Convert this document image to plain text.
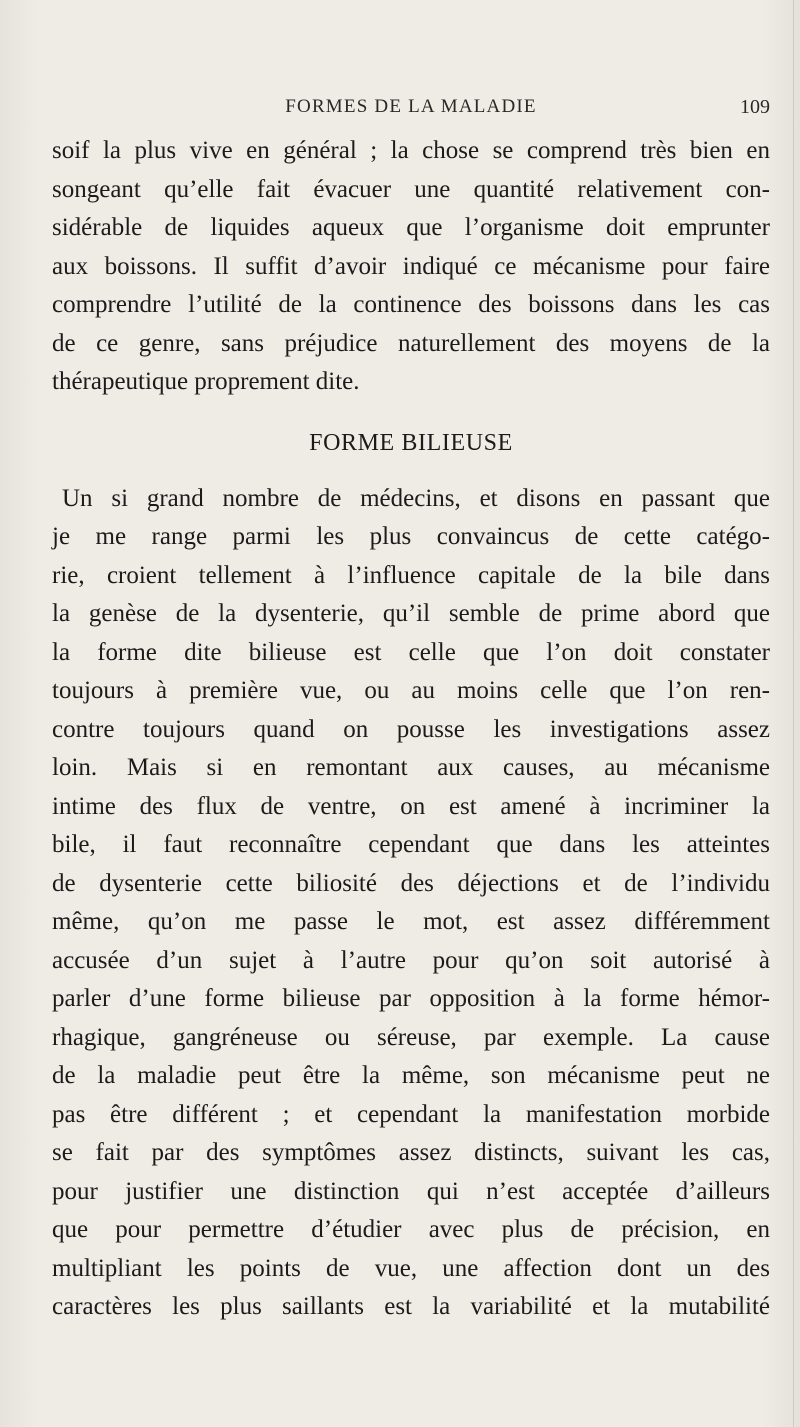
FORMES DE LA MALADIE	109

soif la plus vive en général ; la chose se comprend très bien en
songeant qu’elle fait évacuer une quantité relativement con-
sidérable de liquides aqueux que l’organisme doit emprunter
aux boissons. Il suffit d’avoir indiqué ce mécanisme pour faire
comprendre l’utilité de la continence des boissons dans les cas
de ce genre, sans préjudice naturellement des moyens de la
thérapeutique proprement dite.

FORME BILIEUSE

Un si grand nombre de médecins, et disons en passant que
je me range parmi les plus convaincus de cette catégo-
rie, croient tellement à l’influence capitale de la bile dans
la genèse de la dysenterie, qu’il semble de prime abord que
la forme dite bilieuse est celle que l’on doit constater
toujours à première vue, ou au moins celle que l’on ren-
contre toujours quand on pousse les investigations assez
loin. Mais si en remontant aux causes, au mécanisme
intime des flux de ventre, on est amené à incriminer la
bile, il faut reconnaître cependant que dans les atteintes
de dysenterie cette biliosité des déjections et de l’individu
même, qu’on me passe le mot, est assez différemment
accusée d’un sujet à l’autre pour qu’on soit autorisé à
parler d’une forme bilieuse par opposition à la forme hémor-
rhagique, gangréneuse ou séreuse, par exemple. La cause
de la maladie peut être la même, son mécanisme peut ne
pas être différent ; et cependant la manifestation morbide
se fait par des symptômes assez distincts, suivant les cas,
pour justifier une distinction qui n’est acceptée d’ailleurs
que pour permettre d’étudier avec plus de précision, en
multipliant les points de vue, une affection dont un des
caractères les plus saillants est la variabilité et la mutabilité
